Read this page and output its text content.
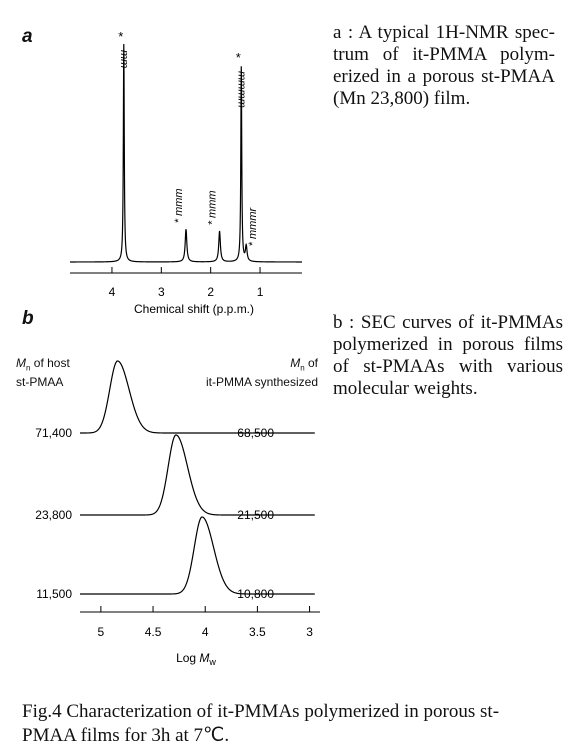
a
b
a : A typical 1H-NMR spec- trum of it-PMMA polym- erized in a porous st-PMAA (Mn 23,800) film.
b : SEC curves of it-PMMAs polymerized in porous films of st-PMAAs with various molecular weights.
$M_n$ of host
st-PMAA
$M_n$ of
it-PMMA synthesized
Fig.4 Characterization of it-PMMAs polymerized in porous st-PMAA films for 3h at 7℃.
4	3	2	1
Chemical shift (p.p.m.)
*
mm
* mmm * mmm
*
mmmm
* mmmr
71,400	68,500
23,800	21,500
11,500	10,800
5	4.5	4	3.5	3
Log $M_w$
